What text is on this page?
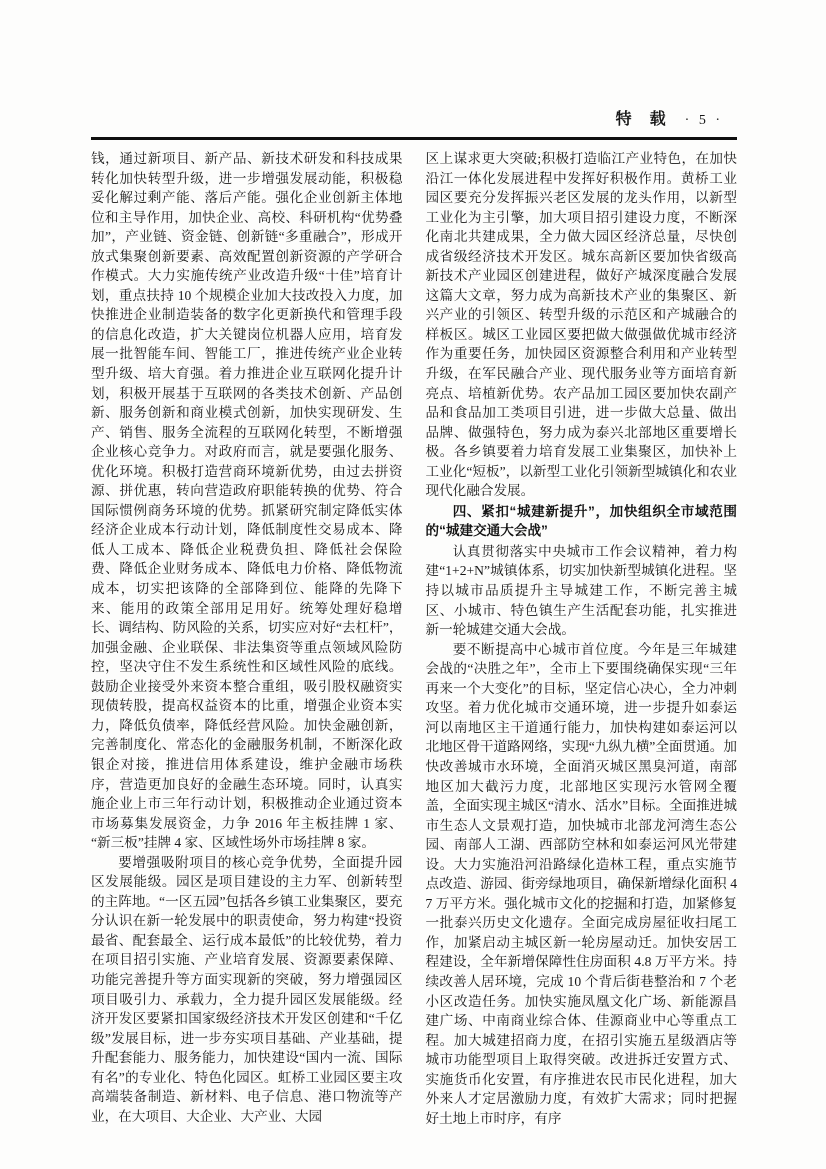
特　载 · 5 ·

钱，通过新项目、新产品、新技术研发和科技成果转化加快转型升级，进一步增强发展动能，积极稳妥化解过剩产能、落后产能。强化企业创新主体地位和主导作用，加快企业、高校、科研机构“优势叠加”，产业链、资金链、创新链“多重融合”，形成开放式集聚创新要素、高效配置创新资源的产学研合作模式。大力实施传统产业改造升级“十佳”培育计划，重点扶持 10 个规模企业加大技改投入力度，加快推进企业制造装备的数字化更新换代和管理手段的信息化改造，扩大关键岗位机器人应用，培育发展一批智能车间、智能工厂，推进传统产业企业转型升级、培大育强。着力推进企业互联网化提升计划，积极开展基于互联网的各类技术创新、产品创新、服务创新和商业模式创新，加快实现研发、生产、销售、服务全流程的互联网化转型，不断增强企业核心竞争力。对政府而言，就是要强化服务、优化环境。积极打造营商环境新优势，由过去拼资源、拼优惠，转向营造政府职能转换的优势、符合国际惯例商务环境的优势。抓紧研究制定降低实体经济企业成本行动计划，降低制度性交易成本、降低人工成本、降低企业税费负担、降低社会保险费、降低企业财务成本、降低电力价格、降低物流成本，切实把该降的全部降到位、能降的先降下来、能用的政策全部用足用好。统筹处理好稳增长、调结构、防风险的关系，切实应对好“去杠杆”，加强金融、企业联保、非法集资等重点领域风险防控，坚决守住不发生系统性和区域性风险的底线。鼓励企业接受外来资本整合重组，吸引股权融资实现债转股，提高权益资本的比重，增强企业资本实力，降低负债率，降低经营风险。加快金融创新，完善制度化、常态化的金融服务机制，不断深化政银企对接，推进信用体系建设，维护金融市场秩序，营造更加良好的金融生态环境。同时，认真实施企业上市三年行动计划，积极推动企业通过资本市场募集发展资金，力争 2016 年主板挂牌 1 家、“新三板”挂牌 4 家、区域性场外市场挂牌 8 家。

要增强吸附项目的核心竞争优势，全面提升园区发展能级。园区是项目建设的主力军、创新转型的主阵地。“一区五园”包括各乡镇工业集聚区，要充分认识在新一轮发展中的职责使命，努力构建“投资最省、配套最全、运行成本最低”的比较优势，着力在项目招引实施、产业培育发展、资源要素保障、功能完善提升等方面实现新的突破，努力增强园区项目吸引力、承载力，全力提升园区发展能级。经济开发区要紧扣国家级经济技术开发区创建和“千亿级”发展目标，进一步夯实项目基础、产业基础，提升配套能力、服务能力，加快建设“国内一流、国际有名”的专业化、特色化园区。虹桥工业园区要主攻高端装备制造、新材料、电子信息、港口物流等产业，在大项目、大企业、大产业、大园

区上谋求更大突破;积极打造临江产业特色，在加快沿江一体化发展进程中发挥好积极作用。黄桥工业园区要充分发挥振兴老区发展的龙头作用，以新型工业化为主引擎，加大项目招引建设力度，不断深化南北共建成果，全力做大园区经济总量，尽快创成省级经济技术开发区。城东高新区要加快省级高新技术产业园区创建进程，做好产城深度融合发展这篇大文章，努力成为高新技术产业的集聚区、新兴产业的引领区、转型升级的示范区和产城融合的样板区。城区工业园区要把做大做强做优城市经济作为重要任务，加快园区资源整合利用和产业转型升级，在军民融合产业、现代服务业等方面培育新亮点、培植新优势。农产品加工园区要加快农副产品和食品加工类项目引进，进一步做大总量、做出品牌、做强特色，努力成为泰兴北部地区重要增长极。各乡镇要着力培育发展工业集聚区，加快补上工业化“短板”，以新型工业化引领新型城镇化和农业现代化融合发展。

四、紧扣“城建新提升”，加快组织全市域范围的“城建交通大会战”

认真贯彻落实中央城市工作会议精神，着力构建“1+2+N”城镇体系，切实加快新型城镇化进程。坚持以城市品质提升主导城建工作，不断完善主城区、小城市、特色镇生产生活配套功能，扎实推进新一轮城建交通大会战。

要不断提高中心城市首位度。今年是三年城建会战的“决胜之年”，全市上下要围绕确保实现“三年再来一个大变化”的目标，坚定信心决心，全力冲刺攻坚。着力优化城市交通环境，进一步提升如泰运河以南地区主干道通行能力，加快构建如泰运河以北地区骨干道路网络，实现“九纵九横”全面贯通。加快改善城市水环境，全面消灭城区黑臭河道，南部地区加大截污力度，北部地区实现污水管网全覆盖，全面实现主城区“清水、活水”目标。全面推进城市生态人文景观打造，加快城市北部龙河湾生态公园、南部人工湖、西部防空林和如泰运河风光带建设。大力实施沿河沿路绿化造林工程，重点实施节点改造、游园、街旁绿地项目，确保新增绿化面积 47 万平方米。强化城市文化的挖掘和打造，加紧修复一批泰兴历史文化遗存。全面完成房屋征收扫尾工作，加紧启动主城区新一轮房屋动迁。加快安居工程建设，全年新增保障性住房面积 4.8 万平方米。持续改善人居环境，完成 10 个背后街巷整治和 7 个老小区改造任务。加快实施凤凰文化广场、新能源昌建广场、中南商业综合体、佳源商业中心等重点工程。加大城建招商力度，在招引实施五星级酒店等城市功能型项目上取得突破。改进拆迁安置方式、实施货币化安置，有序推进农民市民化进程，加大外来人才定居激励力度，有效扩大需求；同时把握好土地上市时序，有序
